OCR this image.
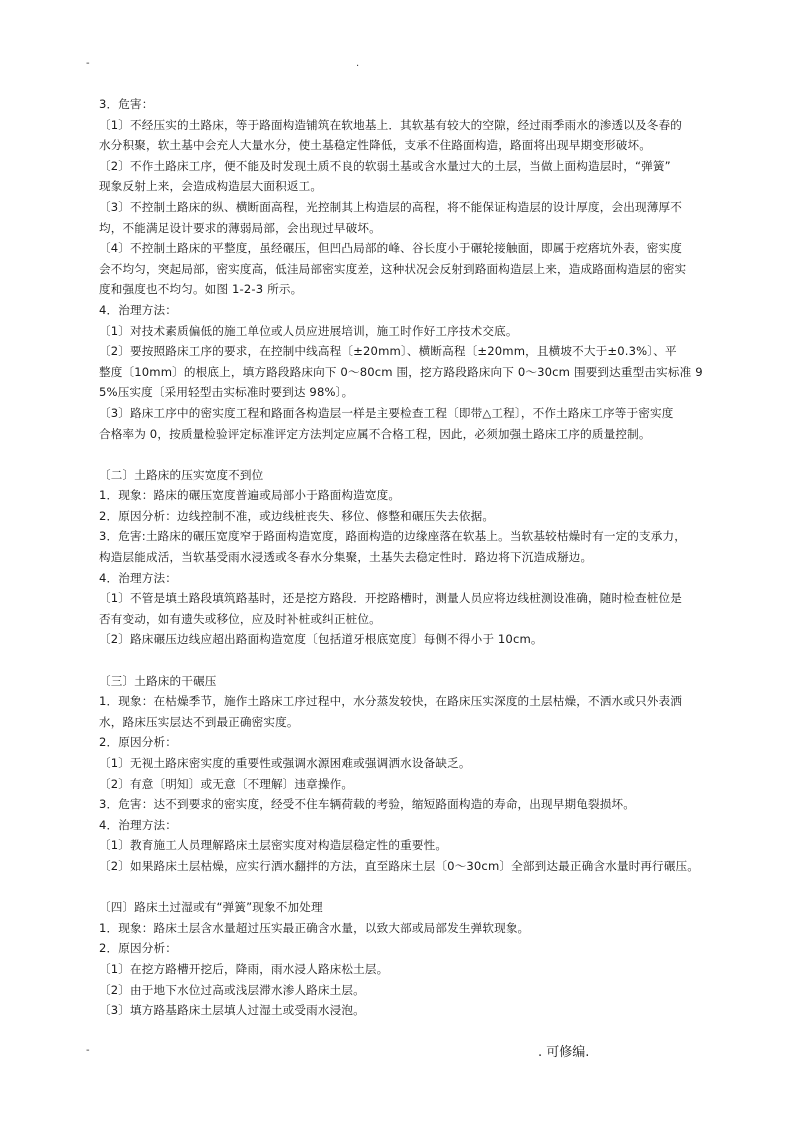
-	.

3．危害：

〔1〕不经压实的土路床，等于路面构造铺筑在软地基上．其软基有较大的空隙，经过雨季雨水的渗透以及冬春的

水分积聚，软土基中会充人大量水分，使土基稳定性降低，支承不住路面构造，路面将出现早期变形破坏。

〔2〕不作土路床工序，便不能及时发现土质不良的软弱土基或含水量过大的土层，当做上面构造层时，“弹簧”

现象反射上来，会造成构造层大面积返工。

〔3〕不控制土路床的纵、横断面高程，光控制其上构造层的高程，将不能保证构造层的设计厚度，会出现薄厚不

均，不能满足设计要求的薄弱局部，会出现过早破坏。

〔4〕不控制土路床的平整度，虽经碾压，但凹凸局部的峰、谷长度小于碾轮接触面，即属于疙瘩坑外表，密实度

会不均匀，突起局部，密实度高，低洼局部密实度差，这种状况会反射到路面构造层上来，造成路面构造层的密实

度和强度也不均匀。如图 1-2-3 所示。

4．治理方法：

〔1〕对技术素质偏低的施工单位或人员应进展培训，施工时作好工序技术交底。

〔2〕要按照路床工序的要求，在控制中线高程〔±20mm〕、横断高程〔±20mm，且横坡不大于±0.3%〕、平

整度〔10mm〕的根底上，填方路段路床向下 0～80cm 围，挖方路段路床向下 0～30cm 围要到达重型击实标准 9

5%压实度〔采用轻型击实标准时要到达 98%〕。

〔3〕路床工序中的密实度工程和路面各构造层一样是主要检查工程〔即带△工程〕，不作土路床工序等于密实度

合格率为 0，按质量检验评定标准评定方法判定应属不合格工程，因此，必须加强土路床工序的质量控制。

〔二〕土路床的压实宽度不到位

1．现象：路床的碾压宽度普遍或局部小于路面构造宽度。

2．原因分析：边线控制不准，或边线桩丧失、移位、修整和碾压失去依据。

3．危害:土路床的碾压宽度窄于路面构造宽度，路面构造的边缘座落在软基上。当软基较枯燥时有一定的支承力，

构造层能成活，当软基受雨水浸透或冬春水分集聚，土基失去稳定性时．路边将下沉造成掰边。

4．治理方法：

〔1〕不管是填土路段填筑路基时，还是挖方路段．开挖路槽时，测量人员应将边线桩测设准确，随时检查桩位是

否有变动，如有遗失或移位，应及时补桩或纠正桩位。

〔2〕路床碾压边线应超出路面构造宽度〔包括道牙根底宽度〕每侧不得小于 10cm。

〔三〕土路床的干碾压

1．现象：在枯燥季节，施作土路床工序过程中，水分蒸发较快，在路床压实深度的土层枯燥，不洒水或只外表洒

水，路床压实层达不到最正确密实度。

2．原因分析：

〔1〕无视土路床密实度的重要性或强调水源困难或强调洒水设备缺乏。

〔2〕有意〔明知〕或无意〔不理解〕违章操作。

3．危害：达不到要求的密实度，经受不住车辆荷载的考验，缩短路面构造的寿命，出现早期龟裂损坏。

4．治理方法：

〔1〕教育施工人员理解路床土层密实度对构造层稳定性的重要性。

〔2〕如果路床土层枯燥，应实行洒水翻拌的方法，直至路床土层〔0～30cm〕全部到达最正确含水量时再行碾压。

〔四〕路床土过湿或有“弹簧”现象不加处理

1．现象：路床土层含水量超过压实最正确含水量，以致大部或局部发生弹软现象。

2．原因分析：

〔1〕在挖方路槽开挖后，降雨，雨水浸人路床松土层。

〔2〕由于地下水位过高或浅层滞水渗人路床土层。

〔3〕填方路基路床土层填人过湿土或受雨水浸泡。

-	. 可修编.
